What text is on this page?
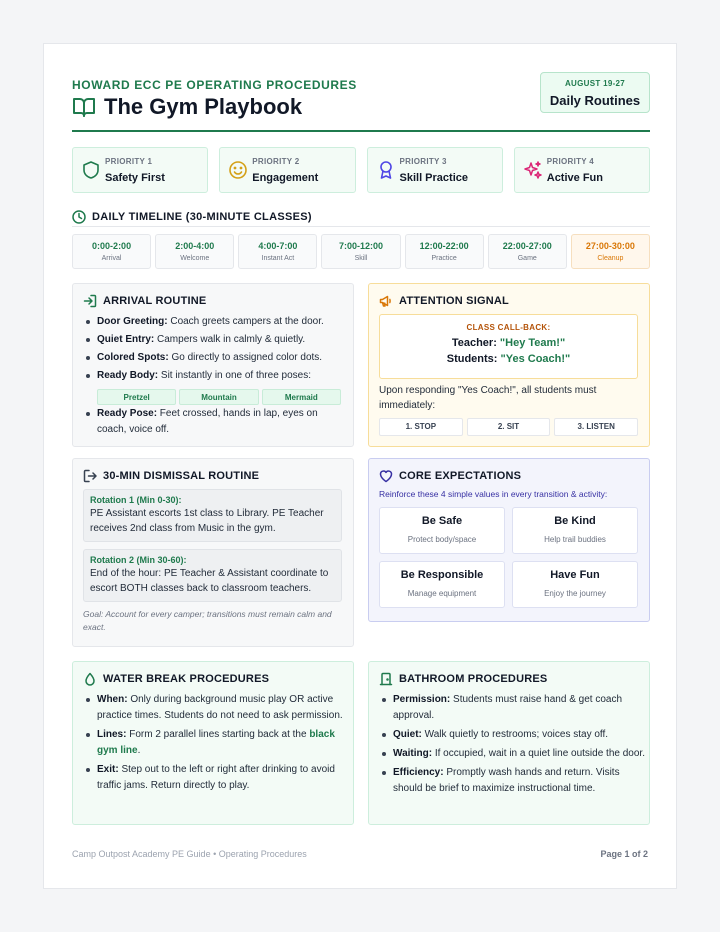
HOWARD ECC PE OPERATING PROCEDURES
The Gym Playbook
AUGUST 19-27
Daily Routines
PRIORITY 1
Safety First
PRIORITY 2
Engagement
PRIORITY 3
Skill Practice
PRIORITY 4
Active Fun
DAILY TIMELINE (30-MINUTE CLASSES)
0:00-2:00
Arrival
2:00-4:00
Welcome
4:00-7:00
Instant Act
7:00-12:00
Skill
12:00-22:00
Practice
22:00-27:00
Game
27:00-30:00
Cleanup
ARRIVAL ROUTINE
Door Greeting: Coach greets campers at the door.
Quiet Entry: Campers walk in calmly & quietly.
Colored Spots: Go directly to assigned color dots.
Ready Body: Sit instantly in one of three poses:
Pretzel	Mountain	Mermaid
Ready Pose: Feet crossed, hands in lap, eyes on coach, voice off.
ATTENTION SIGNAL
CLASS CALL-BACK:
Teacher: "Hey Team!"
Students: "Yes Coach!"
Upon responding "Yes Coach!", all students must immediately:
1. STOP	2. SIT	3. LISTEN
30-MIN DISMISSAL ROUTINE
Rotation 1 (Min 0-30):
PE Assistant escorts 1st class to Library. PE Teacher receives 2nd class from Music in the gym.
Rotation 2 (Min 30-60):
End of the hour: PE Teacher & Assistant coordinate to escort BOTH classes back to classroom teachers.
Goal: Account for every camper; transitions must remain calm and exact.
CORE EXPECTATIONS
Reinforce these 4 simple values in every transition & activity:
Be Safe
Protect body/space
Be Kind
Help trail buddies
Be Responsible
Manage equipment
Have Fun
Enjoy the journey
WATER BREAK PROCEDURES
When: Only during background music play OR active practice times. Students do not need to ask permission.
Lines: Form 2 parallel lines starting back at the black gym line.
Exit: Step out to the left or right after drinking to avoid traffic jams. Return directly to play.
BATHROOM PROCEDURES
Permission: Students must raise hand & get coach approval.
Quiet: Walk quietly to restrooms; voices stay off.
Waiting: If occupied, wait in a quiet line outside the door.
Efficiency: Promptly wash hands and return. Visits should be brief to maximize instructional time.
Camp Outpost Academy PE Guide • Operating Procedures	Page 1 of 2
